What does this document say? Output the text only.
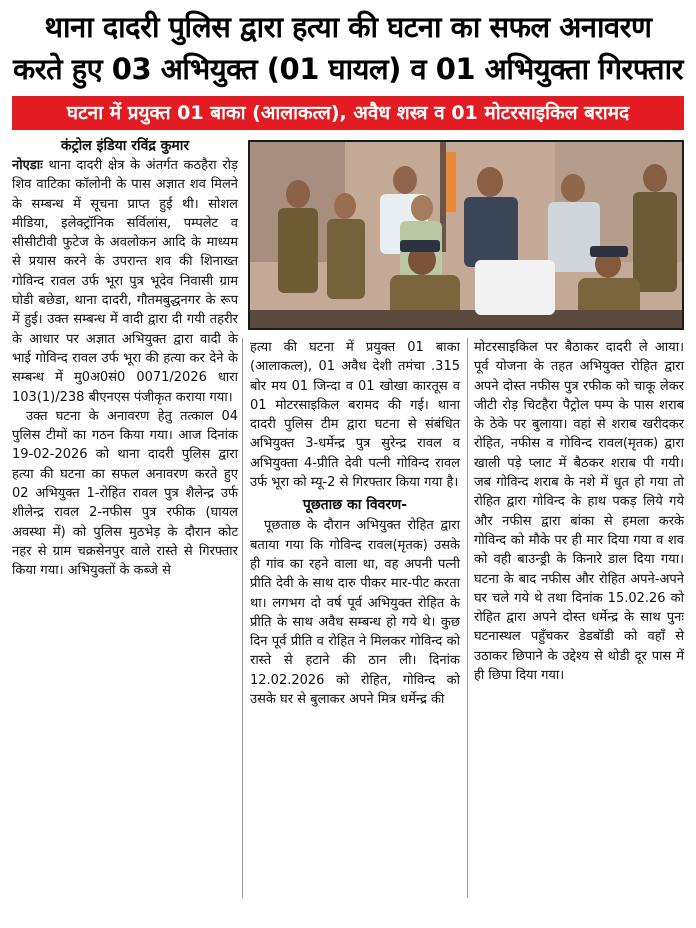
थाना दादरी पुलिस द्वारा हत्या की घटना का सफल अनावरण
करते हुए 03 अभियुक्त (01 घायल) व 01 अभियुक्ता गिरफ्तार
घटना में प्रयुक्त 01 बाका (आलाकत्ल), अवैध शस्त्र व 01 मोटरसाइकिल बरामद
कंट्रोल इंडिया रविंद्र कुमार

नोएडाः थाना दादरी क्षेत्र के अंतर्गत कठहैरा रोड़ शिव वाटिका कॉलोनी के पास अज्ञात शव मिलने के सम्बन्ध में सूचना प्राप्त हुई थी। सोशल मीडिया, इलेक्ट्रॉनिक सर्विलांस, पम्पलेट व सीसीटीवी फुटेज के अवलोकन आदि के माध्यम से प्रयास करने के उपरान्त शव की शिनाख्त गोविन्द रावल उर्फ भूरा पुत्र भूदेव निवासी ग्राम घोडी बछेडा, थाना दादरी, गौतमबुद्धनगर के रूप में हुई। उक्त सम्बन्ध में वादी द्वारा दी गयी तहरीर के आधार पर अज्ञात अभियुक्त द्वारा वादी के भाई गोविन्द रावल उर्फ भूरा की हत्या कर देने के सम्बन्ध में मु0अ0सं0 0071/2026 धारा 103(1)/238 बीएनएस पंजीकृत कराया गया।

उक्त घटना के अनावरण हेतु तत्काल 04 पुलिस टीमों का गठन किया गया। आज दिनांक 19-02-2026 को थाना दादरी पुलिस द्वारा हत्या की घटना का सफल अनावरण करते हुए 02 अभियुक्त 1-रोहित रावल पुत्र शैलेन्द्र उर्फ शीलेन्द्र रावल 2-नफीस पुत्र रफीक (घायल अवस्था में) को पुलिस मुठभेड़ के दौरान कोट नहर से ग्राम चक्रसेनपुर वाले रास्ते से गिरफ्तार किया गया। अभियुक्तों के कब्जे से

हत्या की घटना में प्रयुक्त 01 बाका (आलाकत्ल), 01 अवैध देशी तमंचा .315 बोर मय 01 जिन्दा व 01 खोखा कारतूस व 01 मोटरसाइकिल बरामद की गई। थाना दादरी पुलिस टीम द्वारा घटना से संबंधित अभियुक्त 3-धर्मेन्द्र पुत्र सुरेन्द्र रावल व अभियुक्ता 4-प्रीति देवी पत्नी गोविन्द रावल उर्फ भूरा को म्यू-2 से गिरफ्तार किया गया है।

पूछताछ का विवरण-

पूछताछ के दौरान अभियुक्त रोहित द्वारा बताया गया कि गोविन्द रावल(मृतक) उसके ही गांव का रहने वाला था, वह अपनी पत्नी प्रीति देवी के साथ दारु पीकर मार-पीट करता था। लगभग दो वर्ष पूर्व अभियुक्त रोहित के प्रीति के साथ अवैध सम्बन्ध हो गये थे। कुछ दिन पूर्व प्रीति व रोहित ने मिलकर गोविन्द को रास्ते से हटाने की ठान ली। दिनांक 12.02.2026 को रोहित, गोविन्द को उसके घर से बुलाकर अपने मित्र धर्मेन्द्र की

मोटरसाइकिल पर बैठाकर दादरी ले आया। पूर्व योजना के तहत अभियुक्त रोहित द्वारा अपने दोस्त नफीस पुत्र रफीक को चाकू लेकर जीटी रोड़ चिटहैरा पैट्रोल पम्प के पास शराब के ठेके पर बुलाया। वहां से शराब खरीदकर रोहित, नफीस व गोविन्द रावल(मृतक) द्वारा खाली पड़े प्लाट में बैठकर शराब पी गयी। जब गोविन्द शराब के नशे में धुत हो गया तो रोहित द्वारा गोविन्द के हाथ पकड़ लिये गये और नफीस द्वारा बांका से हमला करके गोविन्द को मौके पर ही मार दिया गया व शव को वही बाउन्ड्री के किनारे डाल दिया गया। घटना के बाद नफीस और रोहित अपने-अपने घर चले गये थे तथा दिनांक 15.02.26 को रोहित द्वारा अपने दोस्त धर्मेन्द्र के साथ पुनः घटनास्थल पहुँचकर डेडबॉडी को वहाँ से उठाकर छिपाने के उद्देश्य से थोडी दूर पास में ही छिपा दिया गया।
